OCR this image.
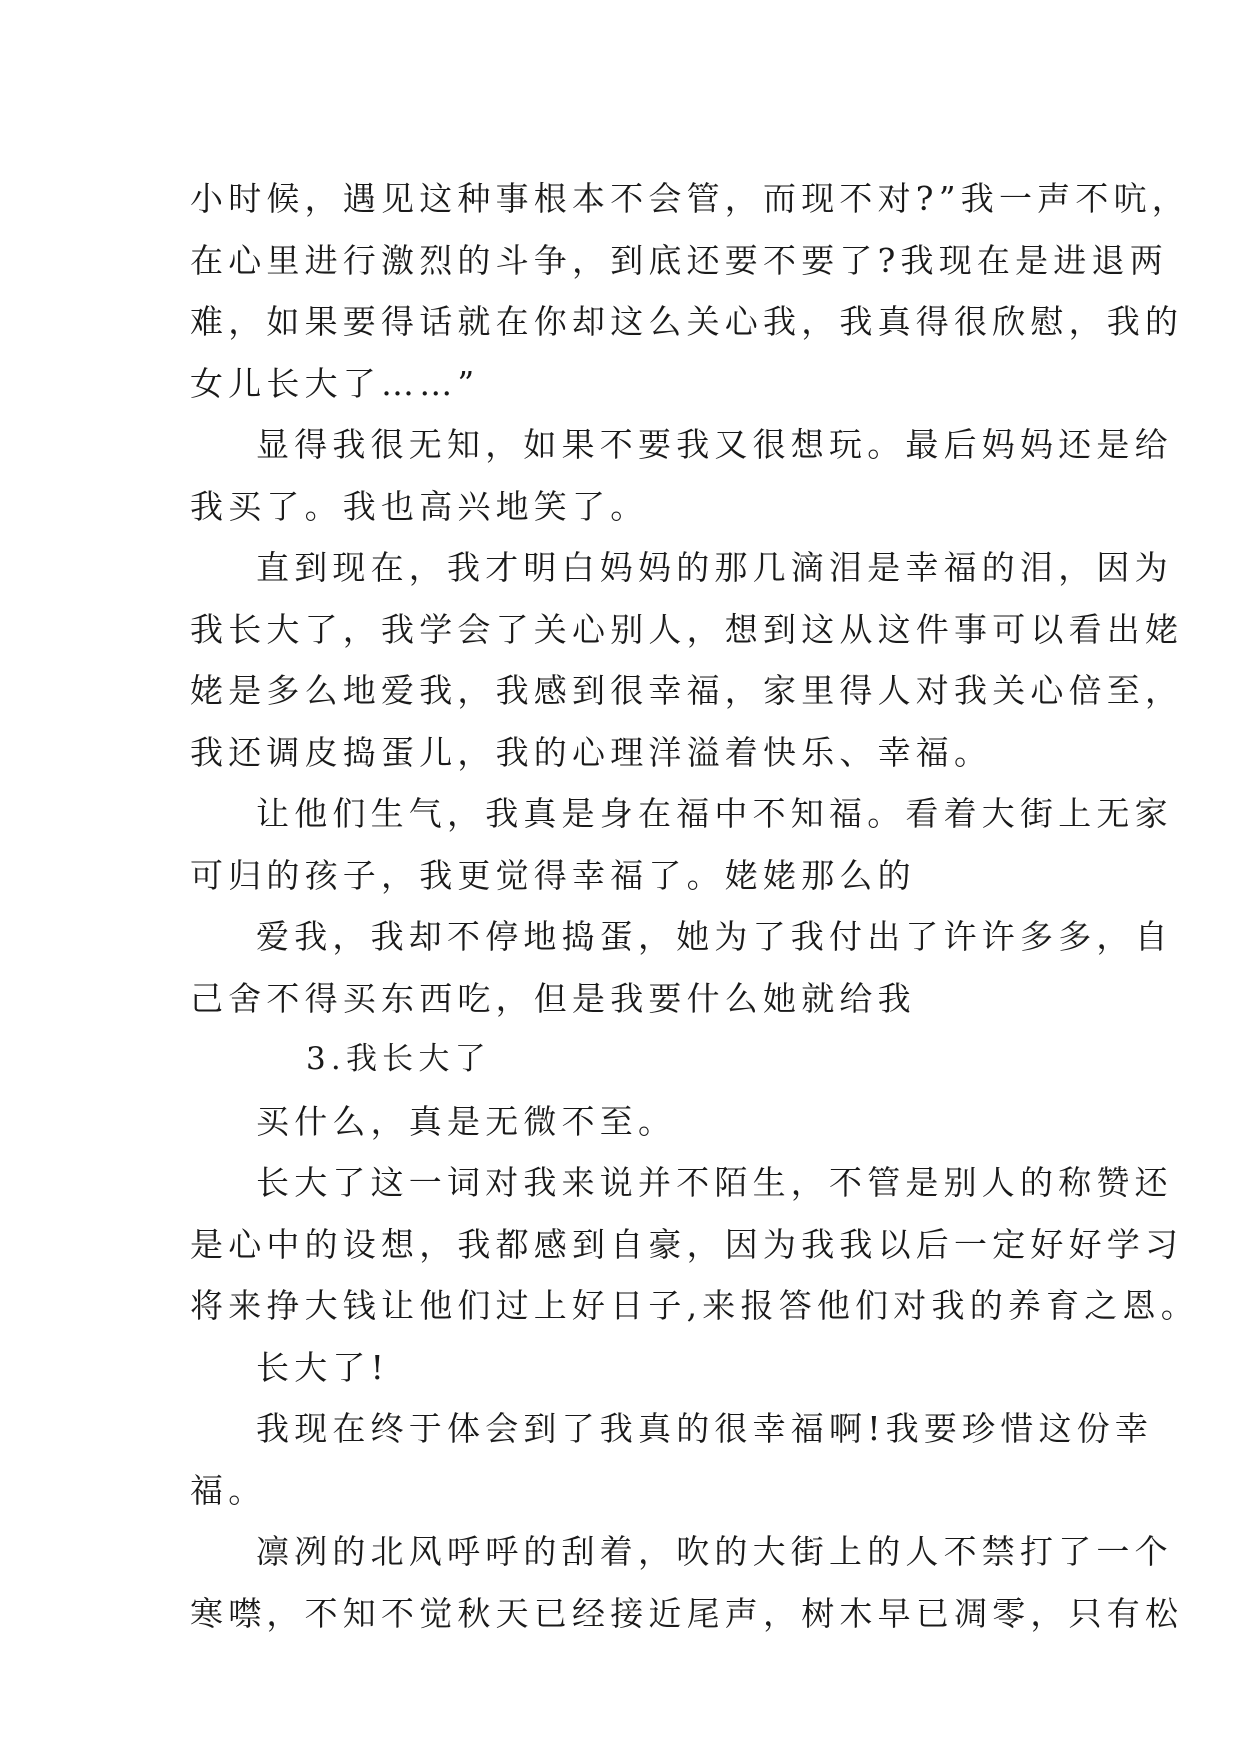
小时候，遇见这种事根本不会管，而现不对?”我一声不吭，
在心里进行激烈的斗争，到底还要不要了?我现在是进退两
难，如果要得话就在你却这么关心我，我真得很欣慰，我的
女儿长大了……”
显得我很无知，如果不要我又很想玩。最后妈妈还是给
我买了。我也高兴地笑了。
直到现在，我才明白妈妈的那几滴泪是幸福的泪，因为
我长大了，我学会了关心别人，想到这从这件事可以看出姥
姥是多么地爱我，我感到很幸福，家里得人对我关心倍至，
我还调皮捣蛋儿，我的心理洋溢着快乐、幸福。
让他们生气，我真是身在福中不知福。看着大街上无家
可归的孩子，我更觉得幸福了。姥姥那么的
爱我，我却不停地捣蛋，她为了我付出了许许多多，自
己舍不得买东西吃，但是我要什么她就给我
3.我长大了
买什么，真是无微不至。
长大了这一词对我来说并不陌生，不管是别人的称赞还
是心中的设想，我都感到自豪，因为我我以后一定好好学习
将来挣大钱让他们过上好日子,来报答他们对我的养育之恩。
长大了!
我现在终于体会到了我真的很幸福啊!我要珍惜这份幸
福。
凛冽的北风呼呼的刮着，吹的大街上的人不禁打了一个
寒噤，不知不觉秋天已经接近尾声，树木早已凋零，只有松
